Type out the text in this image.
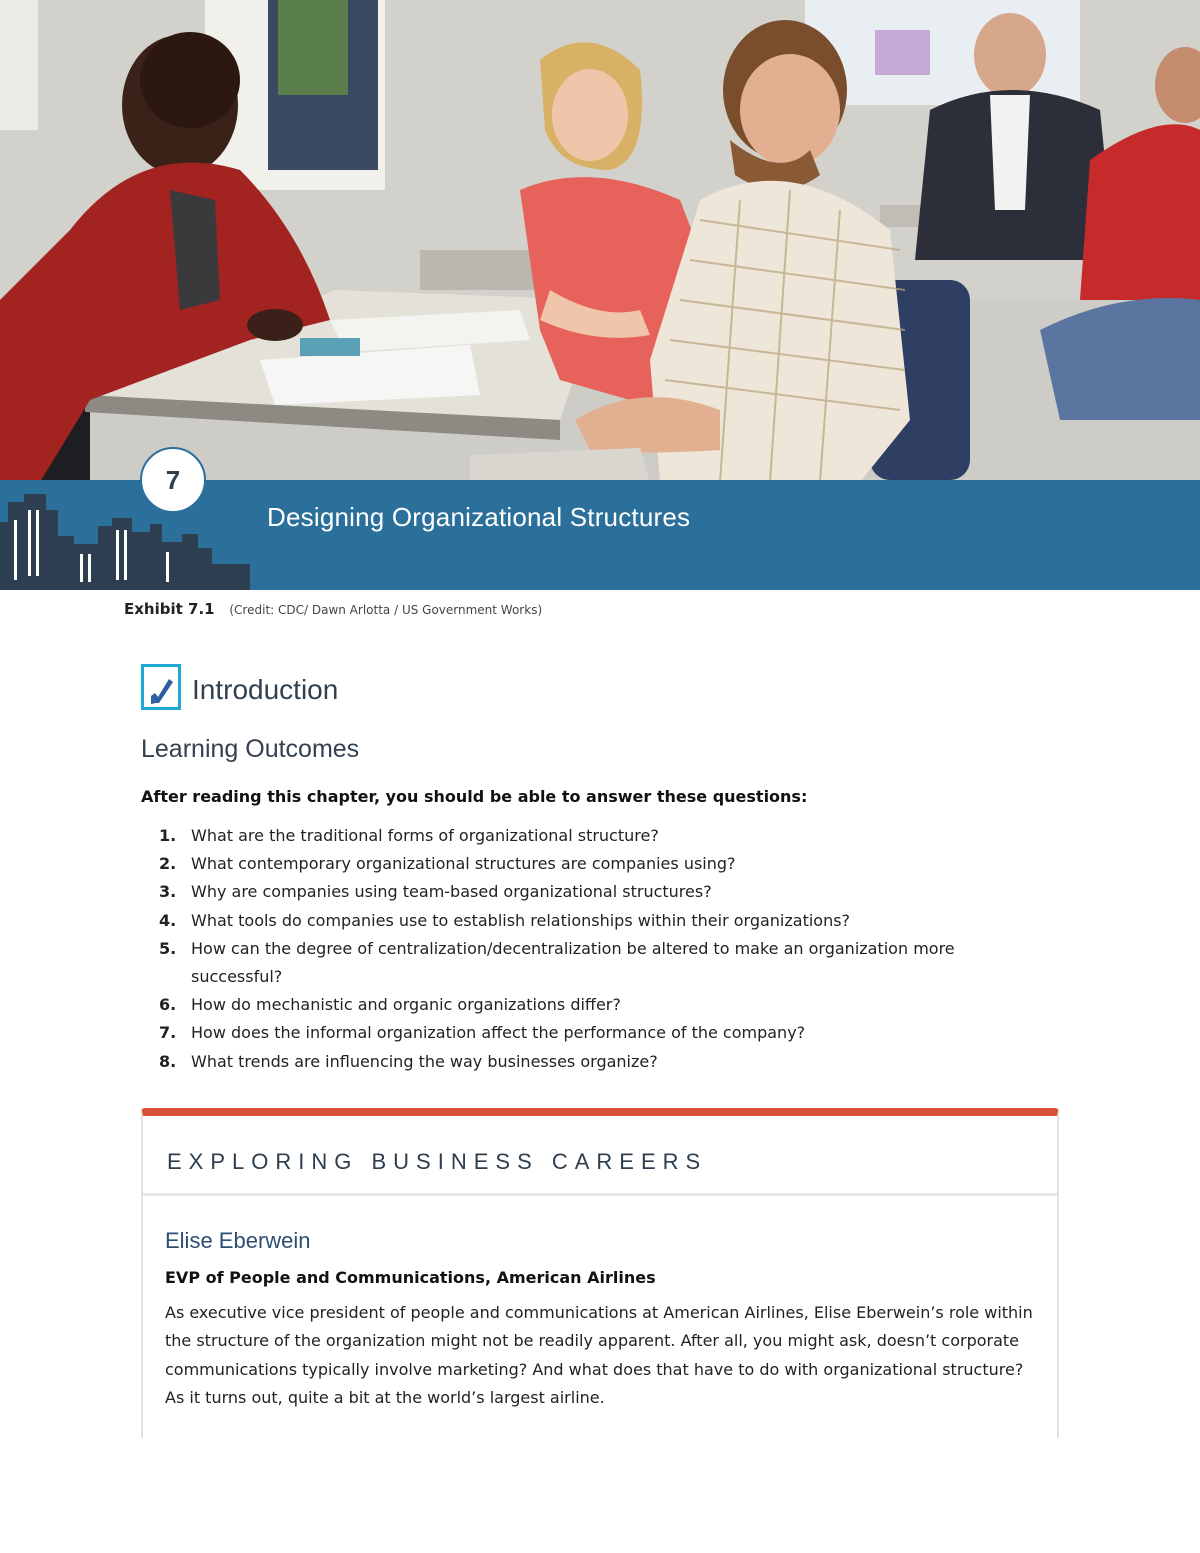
7
Designing Organizational Structures
Exhibit 7.1 (Credit: CDC/ Dawn Arlotta / US Government Works)
Introduction
Learning Outcomes
After reading this chapter, you should be able to answer these questions:
1. What are the traditional forms of organizational structure?
2. What contemporary organizational structures are companies using?
3. Why are companies using team-based organizational structures?
4. What tools do companies use to establish relationships within their organizations?
5. How can the degree of centralization/decentralization be altered to make an organization more successful?
6. How do mechanistic and organic organizations differ?
7. How does the informal organization affect the performance of the company?
8. What trends are influencing the way businesses organize?
EXPLORING BUSINESS CAREERS
Elise Eberwein
EVP of People and Communications, American Airlines

As executive vice president of people and communications at American Airlines, Elise Eberwein’s role within the structure of the organization might not be readily apparent. After all, you might ask, doesn’t corporate communications typically involve marketing? And what does that have to do with organizational structure? As it turns out, quite a bit at the world’s largest airline.
